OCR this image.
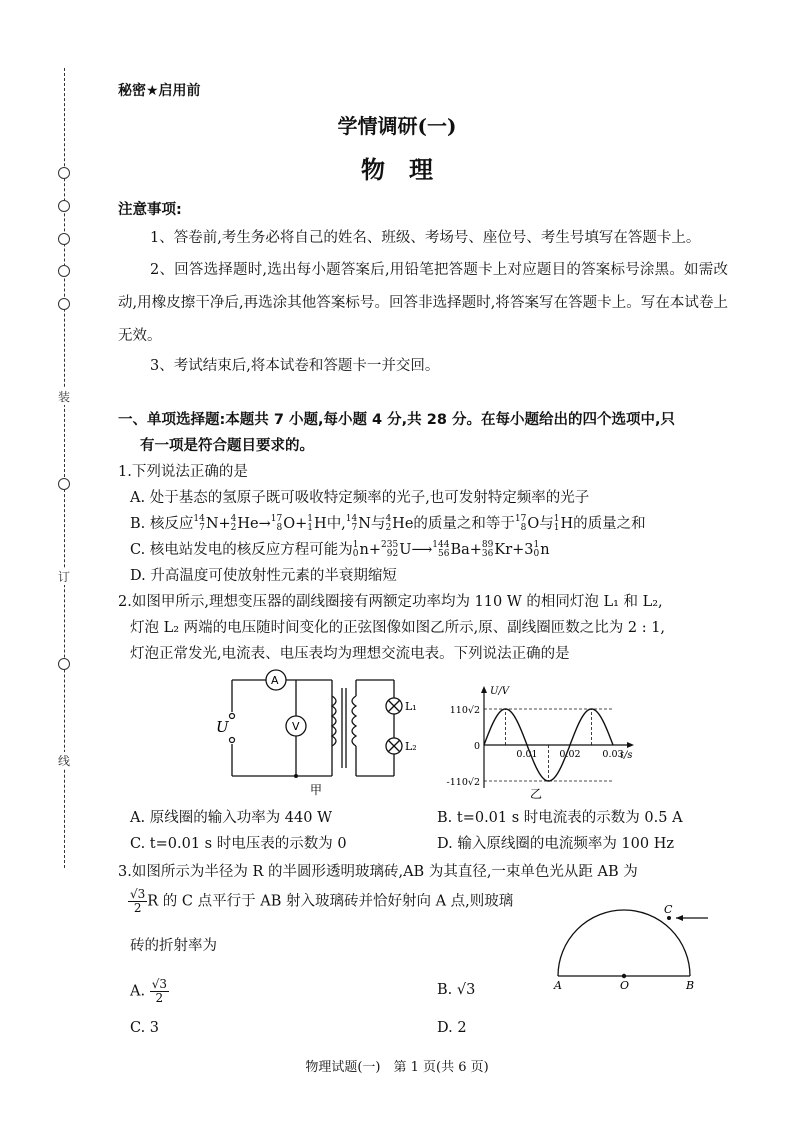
装
订
线
秘密★启用前
学情调研(一)
物　理
注意事项:
1、答卷前,考生务必将自己的姓名、班级、考场号、座位号、考生号填写在答题卡上。
2、回答选择题时,选出每小题答案后,用铅笔把答题卡上对应题目的答案标号涂黑。如需改动,用橡皮擦干净后,再选涂其他答案标号。回答非选择题时,将答案写在答题卡上。写在本试卷上无效。
3、考试结束后,将本试卷和答题卡一并交回。
一、单项选择题:本题共 7 小题,每小题 4 分,共 28 分。在每小题给出的四个选项中,只
有一项是符合题目要求的。
1.下列说法正确的是
A. 处于基态的氢原子既可吸收特定频率的光子,也可发射特定频率的光子
B. 核反应 14
7 N+ 4
2 He→ 17
8 O+ 1
1 H中, 14
7 N与 4
2 He的质量之和等于 17
8 O与 1
1 H的质量之和
C. 核电站发电的核反应方程可能为 1
0 n+ 235
92 U⟶ 144
56 Ba+ 89
36 Kr+3 1
0 n
D. 升高温度可使放射性元素的半衰期缩短
2.如图甲所示,理想变压器的副线圈接有两额定功率均为 110 W 的相同灯泡 L₁ 和 L₂,
灯泡 L₂ 两端的电压随时间变化的正弦图像如图乙所示,原、副线圈匝数之比为 2 : 1,
灯泡正常发光,电流表、电压表均为理想交流电表。下列说法正确的是
U
A
V
L₁
L₂
甲
U/V
t/s
110√2
0
-110√2
0.01 0.02 0.03
乙
A. 原线圈的输入功率为 440 W	B. t=0.01 s 时电流表的示数为 0.5 A
C. t=0.01 s 时电压表的示数为 0	D. 输入原线圈的电流频率为 100 Hz
3.如图所示为半径为 R 的半圆形透明玻璃砖,AB 为其直径,一束单色光从距 AB 为
$\frac{√3}{2}$ R 的 C 点平行于 AB 射入玻璃砖并恰好射向 A 点,则玻璃
砖的折射率为
C
A	O	B
A. $\frac{√3}{2}$	B. √3
C. 3	D. 2
物理试题(一)　第 1 页(共 6 页)
